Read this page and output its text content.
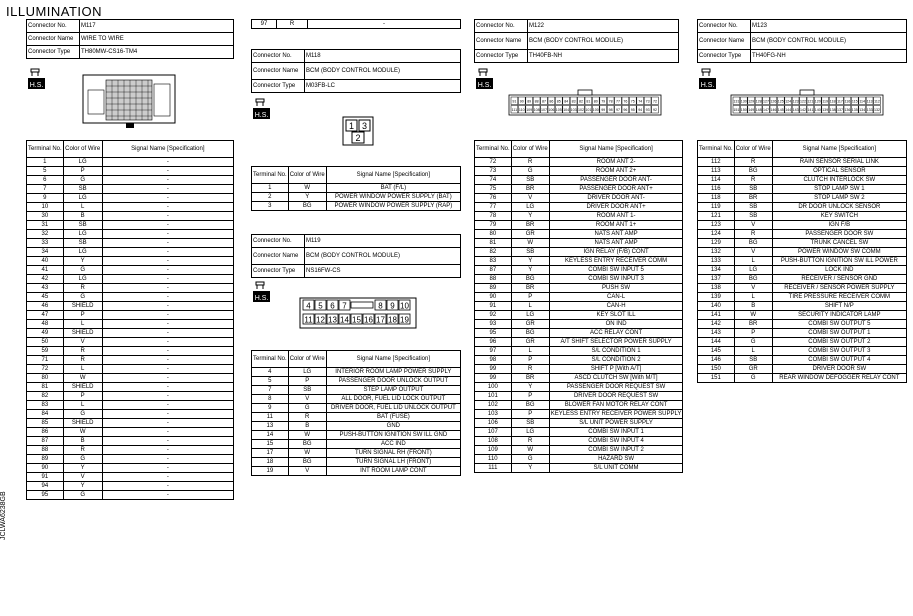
ILLUMINATION
Connector No.	M117
Connector Name	WIRE TO WIRE
Connector Type	TH80MW-CS16-TM4
H.S.
Terminal No.	Color of Wire	Signal Name [Specification]
1	LG	-
5	P	-
6	G	-
7	SB	-
9	LG	-
10	L	-
30	B	-
31	SB	-
32	LG	-
33	SB	-
34	LG	-
40	Y	-
41	G	-
42	LG	-
43	R	-
45	G	-
46	SHIELD	-
47	P	-
48	L	-
49	SHIELD	-
50	V	-
59	R	-
71	R	-
72	L	-
80	W	-
81	SHIELD	-
82	P	-
83	L	-
84	G	-
85	SHIELD	-
86	W	-
87	B	-
88	R	-
89	G	-
90	Y	-
91	V	-
94	Y	-
95	G	-
97	R	-
Connector No.	M118
Connector Name	BCM (BODY CONTROL MODULE)
Connector Type	M03FB-LC
H.S.
1 3
2
Terminal No.	Color of Wire	Signal Name [Specification]
1	W	BAT (F/L)
2	Y	POWER WINDOW POWER SUPPLY (BAT)
3	BG	POWER WINDOW POWER SUPPLY (RAP)
Connector No.	M119
Connector Name	BCM (BODY CONTROL MODULE)
Connector Type	NS16FW-CS
H.S.
4 5 6 7	8 9 10
11 12 13 14 15 16 17 18 19
Terminal No.	Color of Wire	Signal Name [Specification]
4	LG	INTERIOR ROOM LAMP POWER SUPPLY
5	P	PASSENGER DOOR UNLOCK OUTPUT
7	SB	STEP LAMP OUTPUT
8	V	ALL DOOR, FUEL LID LOCK OUTPUT
9	G	DRIVER DOOR, FUEL LID UNLOCK OUTPUT
11	R	BAT (FUSE)
13	B	GND
14	W	PUSH-BUTTON IGNITION SW ILL GND
15	BG	ACC IND
17	W	TURN SIGNAL RH (FRONT)
18	BG	TURN SIGNAL LH (FRONT)
19	V	INT ROOM LAMP CONT
Connector No.	M122
Connector Name	BCM (BODY CONTROL MODULE)
Connector Type	TH40FB-NH
H.S.
91 90 89 88 87 86 85 84 83 82 81 80 79 78 77 76 75 74 73 72
111 110 109 108 107 106 105 104 103 102 101 100 99 98 97 96 95 94 93 92
Terminal No.	Color of Wire	Signal Name [Specification]
72	R	ROOM ANT 2-
73	G	ROOM ANT 2+
74	SB	PASSENGER DOOR ANT-
75	BR	PASSENGER DOOR ANT+
76	V	DRIVER DOOR ANT-
77	LG	DRIVER DOOR ANT+
78	Y	ROOM ANT 1-
79	BR	ROOM ANT 1+
80	GR	NATS ANT AMP
81	W	NATS ANT AMP
82	SB	IGN RELAY (F/B) CONT
83	Y	KEYLESS ENTRY RECEIVER COMM
87	Y	COMBI SW INPUT 5
88	BG	COMBI SW INPUT 3
89	BR	PUSH SW
90	P	CAN-L
91	L	CAN-H
92	LG	KEY SLOT ILL
93	GR	ON IND
95	BG	ACC RELAY CONT
96	GR	A/T SHIFT SELECTOR POWER SUPPLY
97	L	S/L CONDITION 1
98	P	S/L CONDITION 2
99	R	SHIFT P [With A/T]
99	BR	ASCD CLUTCH SW [With M/T]
100	Y	PASSENGER DOOR REQUEST SW
101	P	DRIVER DOOR REQUEST SW
102	BG	BLOWER FAN MOTOR RELAY CONT
103	P	KEYLESS ENTRY RECEIVER POWER SUPPLY
106	SB	S/L UNIT POWER SUPPLY
107	LG	COMBI SW INPUT 1
108	R	COMBI SW INPUT 4
109	W	COMBI SW INPUT 2
110	G	HAZARD SW
111	Y	S/L UNIT COMM
Connector No.	M123
Connector Name	BCM (BODY CONTROL MODULE)
Connector Type	TH40FG-NH
H.S.
131 130 129 128 127 126 125 124 123 122 121 120 119 118 117 116 115 114 113 112
151 150 149 148 147 146 145 144 143 142 141 140 139 138 137 136 135 134 133 132
Terminal No.	Color of Wire	Signal Name [Specification]
112	R	RAIN SENSOR SERIAL LINK
113	BG	OPTICAL SENSOR
114	R	CLUTCH INTERLOCK SW
116	SB	STOP LAMP SW 1
118	BR	STOP LAMP SW 2
119	SB	DR DOOR UNLOCK SENSOR
121	SB	KEY SWITCH
123	V	IGN F/B
124	R	PASSENGER DOOR SW
129	BG	TRUNK CANCEL SW
132	V	POWER WINDOW SW COMM
133	L	PUSH-BUTTON IGNITION SW ILL POWER
134	LG	LOCK IND
137	BG	RECEIVER / SENSOR GND
138	V	RECEIVER / SENSOR POWER SUPPLY
139	L	TIRE PRESSURE RECEIVER COMM
140	B	SHIFT N/P
141	W	SECURITY INDICATOR LAMP
142	BR	COMBI SW OUTPUT 5
143	P	COMBI SW OUTPUT 1
144	G	COMBI SW OUTPUT 2
145	L	COMBI SW OUTPUT 3
146	SB	COMBI SW OUTPUT 4
150	GR	DRIVER DOOR SW
151	G	REAR WINDOW DEFOGGER RELAY CONT
JCLWA6238GB
